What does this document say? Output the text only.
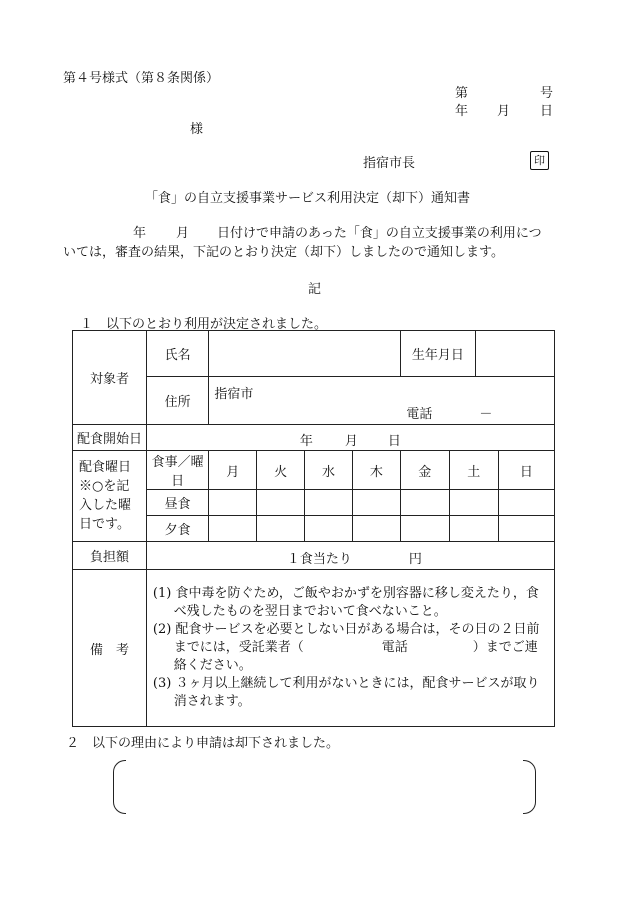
第４号様式（第８条関係）
第	号
年 月 日
様
指宿市長	印
「食」の自立支援事業サービス利用決定（却下）通知書
年 月 日付けで申請のあった「食」の自立支援事業の利用につ
いては，審査の結果，下記のとおり決定（却下）しましたので通知します。
記
１　以下のとおり利用が決定されました。
対象者	氏名					生年月日			
	住所	指宿市
電話 －							

配食開始日	年 月 日								

配食曜日
※○を記
入した曜
日です。	食事／曜日	月	火	水	木	金	土		日
	昼食								
	夕食								
負担額	１食当たり 円								

備　考	(1) 食中毒を防ぐため，ご飯やおかずを別容器に移し変えたり，食べ残したものを翌日までおいて食べないこと。
(2) 配食サービスを必要としない日がある場合は，その日の２日前までには，受託業者（　　　　　　電話　　　　　）までご連絡ください。
(3) ３ヶ月以上継続して利用がないときには，配食サービスが取り消されます。								
２　以下の理由により申請は却下されました。
